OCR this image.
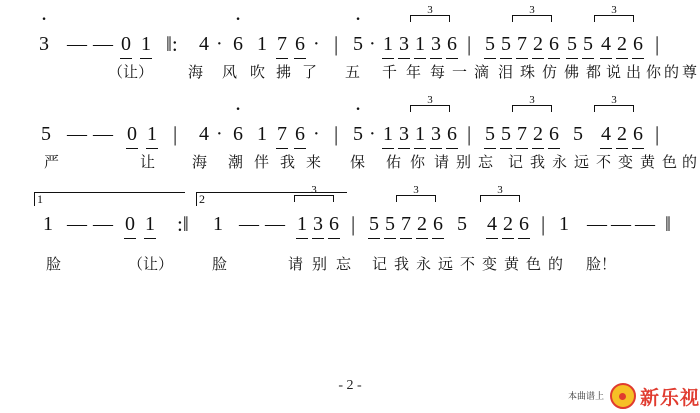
3	3	3
· 3 — — 0 1 ‖: 4 · · 6 1 7 6 · | · 5 · 1 3 1 3 6 | 5 5 7 2 6 5 5 4 2 6 |
（让） 海 风 吹 拂 了 五 千 年 每 一 滴 泪 珠 仿 佛 都 说 出 你 的 尊
3	3	3
5 — — 0 1 | 4 · · 6 1 7 6 · | · 5 · 1 3 1 3 6 | 5 5 7 2 6 5 4 2 6 |
严	让 海 潮 伴 我 来 保 佑 你 请 别 忘 记 我 永 远 不 变 黄 色 的
3	3	3
1	2
1 — — 0 1 :‖ 1 — — 1 3 6 | 5 5 7 2 6 5 4 2 6 | 1 — — — ‖
脸	（让）	脸	请 别 忘 记 我 永 远 不 变 黄 色 的 脸！
- 2 -
本曲谱上 新乐视
